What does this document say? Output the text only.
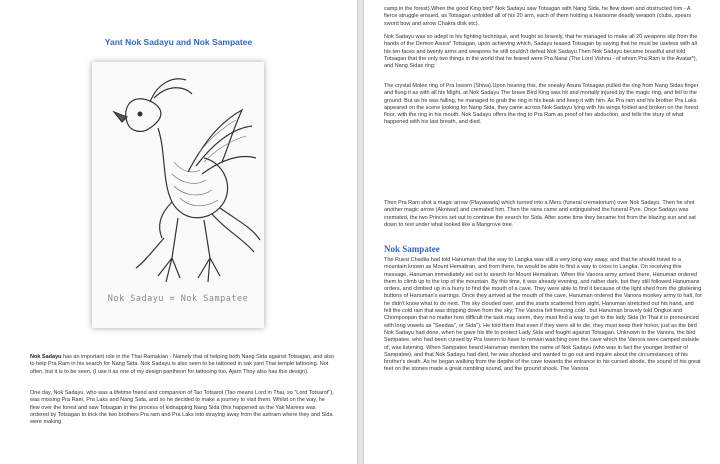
Yant Nok Sadayu and Nok Sampatee
Nok Sadayu = Nok Sampatee

Nok Sadayu has an important role in the Thai Ramakian - Namely that of helping both Nang Sida against Totsagan, and also to help Pra Ram in his search for Nang Sida. Nok Sadayu is also seen to be tattooed in sak yant Thai temple tattooing. Not often, but it is to be seen. (I use it as one of my design pantheon for tattooing too, Ajarn Thoy also has this design).

One day, Nok Sadayu, who was a lifetime friend and companion of Tao Totsarot (Tao means Lord in Thai, so "Lord Totsarot"), was missing Pra Ram, Pra Laks and Nang Sida, and so he decided to make a journey to visit them. Whilst on the way, he flew over the forest and saw Totsagan in the process of kidnapping Nang Sida (this happened as the Yak Marees was ordered by Totsagan to trick the two brothers Pra ram and Pra Laks into straying away from the ashram where they and Sida were making

camp in the forest).When the good King bird* Nok Sadayu saw Totsagan with Nang Sida, he flew down and obstructed him - A fierce struggle ensued, as Totsagan unfolded all of his 20 arm, each of them holding a fearsome deadly weapon (clubs, spears sword bow and arrow Chakra disk etc).

Nok Sadayu was so adept in his fighting technique, and fought so bravely, that he managed to make all 20 weapons slip from the hands of the Demon Asura* Totsagan, upon achieving which, Sadayu teased Totsagan by saying that he must be useless with all his ten faces and twenty arms and weapons he still couldn't defeat Nok Sadayu Then Nok Sadayu became boastful and told Totsagan that the only two things in the world that he feared were Pra Narai (The Lord Vishnu - of whom Pra Ram is the Avatar*), and Nang Sidas ring;

The crystal Molee ring of Pra Isworn (Shiva).Upon hearing this, the sneaky Asura Totsagan pulled the ring from Nang Sidas finger and flung it as with all his Might, at Nok Sadayu The brave Bird King was hit and mortally injured by the magic ring, and fell to the ground. But as he was falling, he managed to grab the ring in his beak and keep it with him. As Pra ram and his brother Pra Laks appeared on the scene looking for Nang Sida, they came across Nok Sadayu lying with his wings folded and broken on the forest floor, with the ring in his mouth. Nok Sadayu offers the ring to Pra Ram as proof of her abduction, and tells the story of what happened with his last breath, and died.

Then Pra Ram shot a magic arrow (Playawada) which turned into a Meru (funeral crematorium) over Nok Sadayu. Then he shot another magic arrow (Akniwat) and cremated him. Then the rains came and extinguished the funeral Pyre. Once Sadayu was cremated, the two Princes set out to continue the search for Sida. After some time they became hot from the blazing sun and sat down to rest under what looked like a Mangrove tree.

Nok Sampatee

The Ruesi Chadila had told Hanuman that the way to Langka was still a very long way away, and that he should travel to a mountain known as Mount Hematiran, and from there, he would be able to find a way to cross to Langka. On receiving this message, Hanuman immediately set out to search for Mount Hematiran. When the Vanora army arrived there, Hanuman ordered them to climb up to the top of the mountain. By this time, it was already evening, and rather dark, but they still followed Hanumans orders, and climbed up in a hurry to find the mouth of a cave. They were able to find it because of the light shed from the glistening buttons of Hanuman's earrings. Once they arrived at the mouth of the cave, Hanuman ordered the Vanora monkey army to halt, for he didn't know what to do next. The sky clouded over, and the starts scattered from sight, Hanuman stretched out his hand, and felt the cold rain that was dripping down from the sky; The Vanora felt freezing cold , but Hanuman bravely told Ongkot and Chompoopan that no matter how difficult the task may seem, they must find a way to get to the lady Sida (In Thai it is pronounced with long vowels as "Seedaa", or Sida"). He told them that even if they were all to die, they must keep their honor, just as the bird Nok Sadayu had done, when he gave his life to protect Lady Sida and fought against Totsagan. Unknown to the Vanora, the bird Sampatee, who had been cursed by Pra Isworn to have to remain watching over the cave which the Vanora were camped outside of, was listening. When Sampatee heard Hanuman mention the name of Nok Sadayu (who was in fact the younger brother of Sampatee), and that Nok Sadayu had died, he was shocked and wanted to go out and inquire about the circumstances of his brother's death. As he began walking from the depths of the cave towards the entrance to his cursed abode, the sound of his great feet on the stones made a great rumbling sound, and the ground shook. The Vanora
